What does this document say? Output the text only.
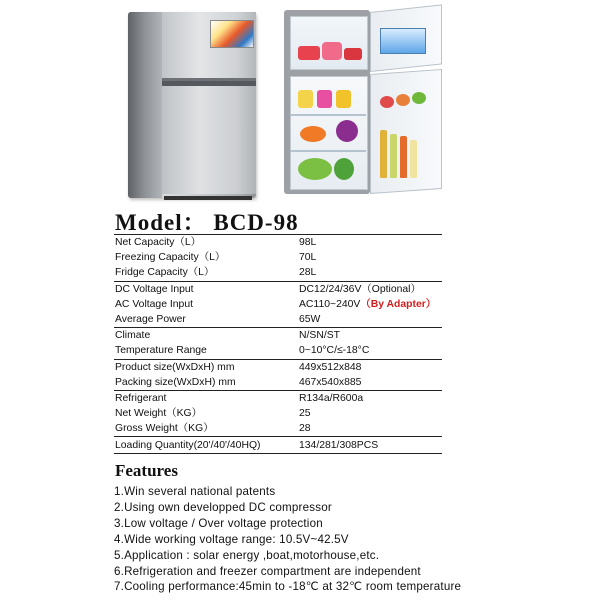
Model： BCD-98
Net Capacity（L）	98L
Freezing Capacity（L）	70L
Fridge Capacity（L）	28L
DC Voltage Input	DC12/24/36V（Optional）
AC Voltage Input	AC110~240V（By Adapter）
Average Power	65W
Climate	N/SN/ST
Temperature Range	0~10°C/≤-18°C
Product size(WxDxH) mm	449x512x848
Packing size(WxDxH) mm	467x540x885
Refrigerant	R134a/R600a
Net Weight（KG）	25
Gross Weight（KG）	28
Loading Quantity(20'/40'/40HQ)	134/281/308PCS
Features
1.Win several national patents
2.Using own developped DC compressor
3.Low voltage / Over voltage protection
4.Wide working voltage range: 10.5V~42.5V
5.Application : solar energy ,boat,motorhouse,etc.
6.Refrigeration and freezer compartment are independent
7.Cooling performance:45min to -18℃ at 32℃ room temperature
